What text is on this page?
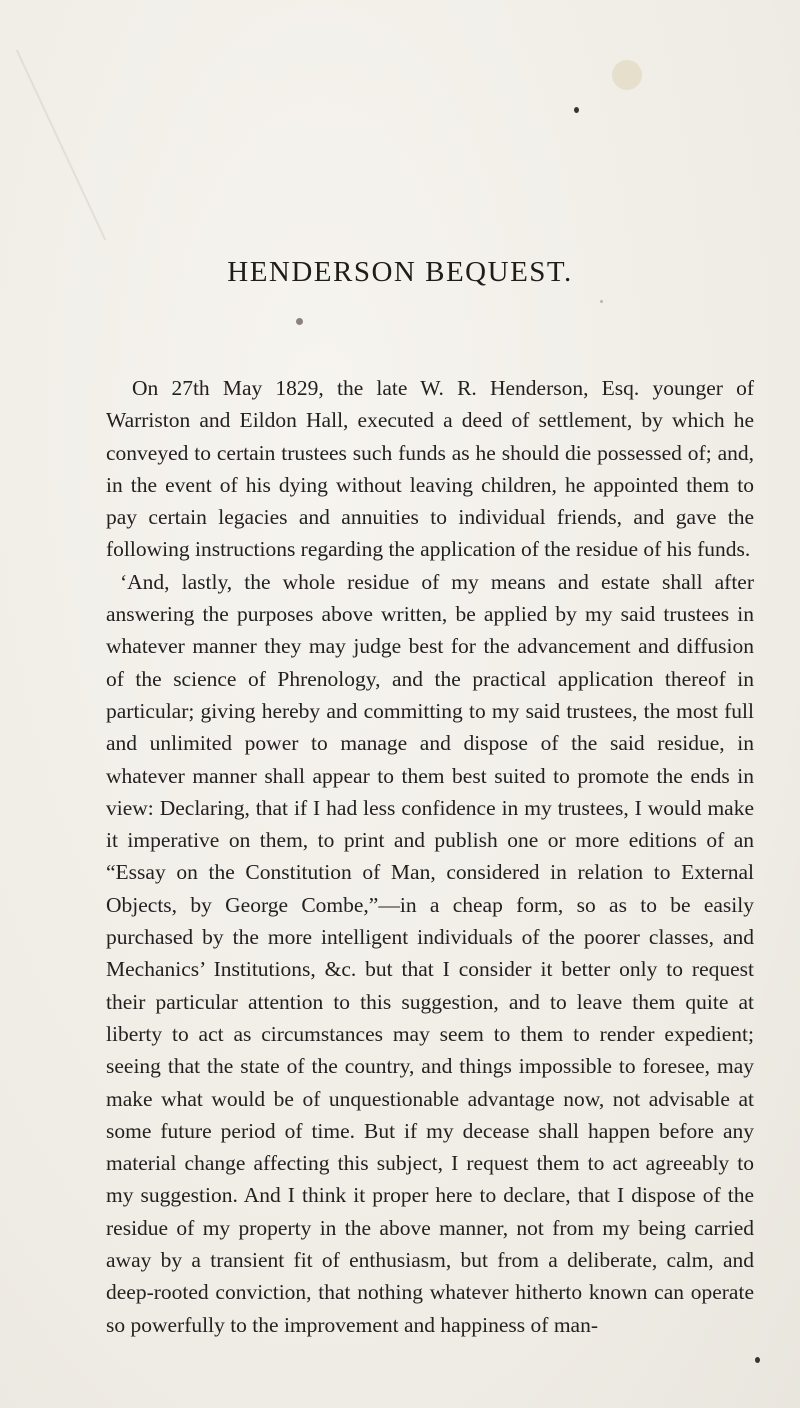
HENDERSON BEQUEST.

On 27th May 1829, the late W. R. Henderson, Esq. younger of Warriston and Eildon Hall, executed a deed of settlement, by which he conveyed to certain trustees such funds as he should die possessed of; and, in the event of his dying without leaving children, he appointed them to pay certain legacies and annuities to individual friends, and gave the following instructions regarding the application of the residue of his funds.

‘And, lastly, the whole residue of my means and estate shall after answering the purposes above written, be applied by my said trustees in whatever manner they may judge best for the advancement and diffusion of the science of Phrenology, and the practical application thereof in particular; giving hereby and committing to my said trustees, the most full and unlimited power to manage and dispose of the said residue, in whatever manner shall appear to them best suited to promote the ends in view: Declaring, that if I had less confidence in my trustees, I would make it imperative on them, to print and publish one or more editions of an “Essay on the Constitution of Man, considered in relation to External Objects, by George Combe,”—in a cheap form, so as to be easily purchased by the more intelligent individuals of the poorer classes, and Mechanics’ Institutions, &c. but that I consider it better only to request their particular attention to this suggestion, and to leave them quite at liberty to act as circumstances may seem to them to render expedient; seeing that the state of the country, and things impossible to foresee, may make what would be of unquestionable advantage now, not advisable at some future period of time. But if my decease shall happen before any material change affecting this subject, I request them to act agreeably to my suggestion. And I think it proper here to declare, that I dispose of the residue of my property in the above manner, not from my being carried away by a transient fit of enthusiasm, but from a deliberate, calm, and deep-rooted conviction, that nothing whatever hitherto known can operate so powerfully to the improvement and happiness of man-
